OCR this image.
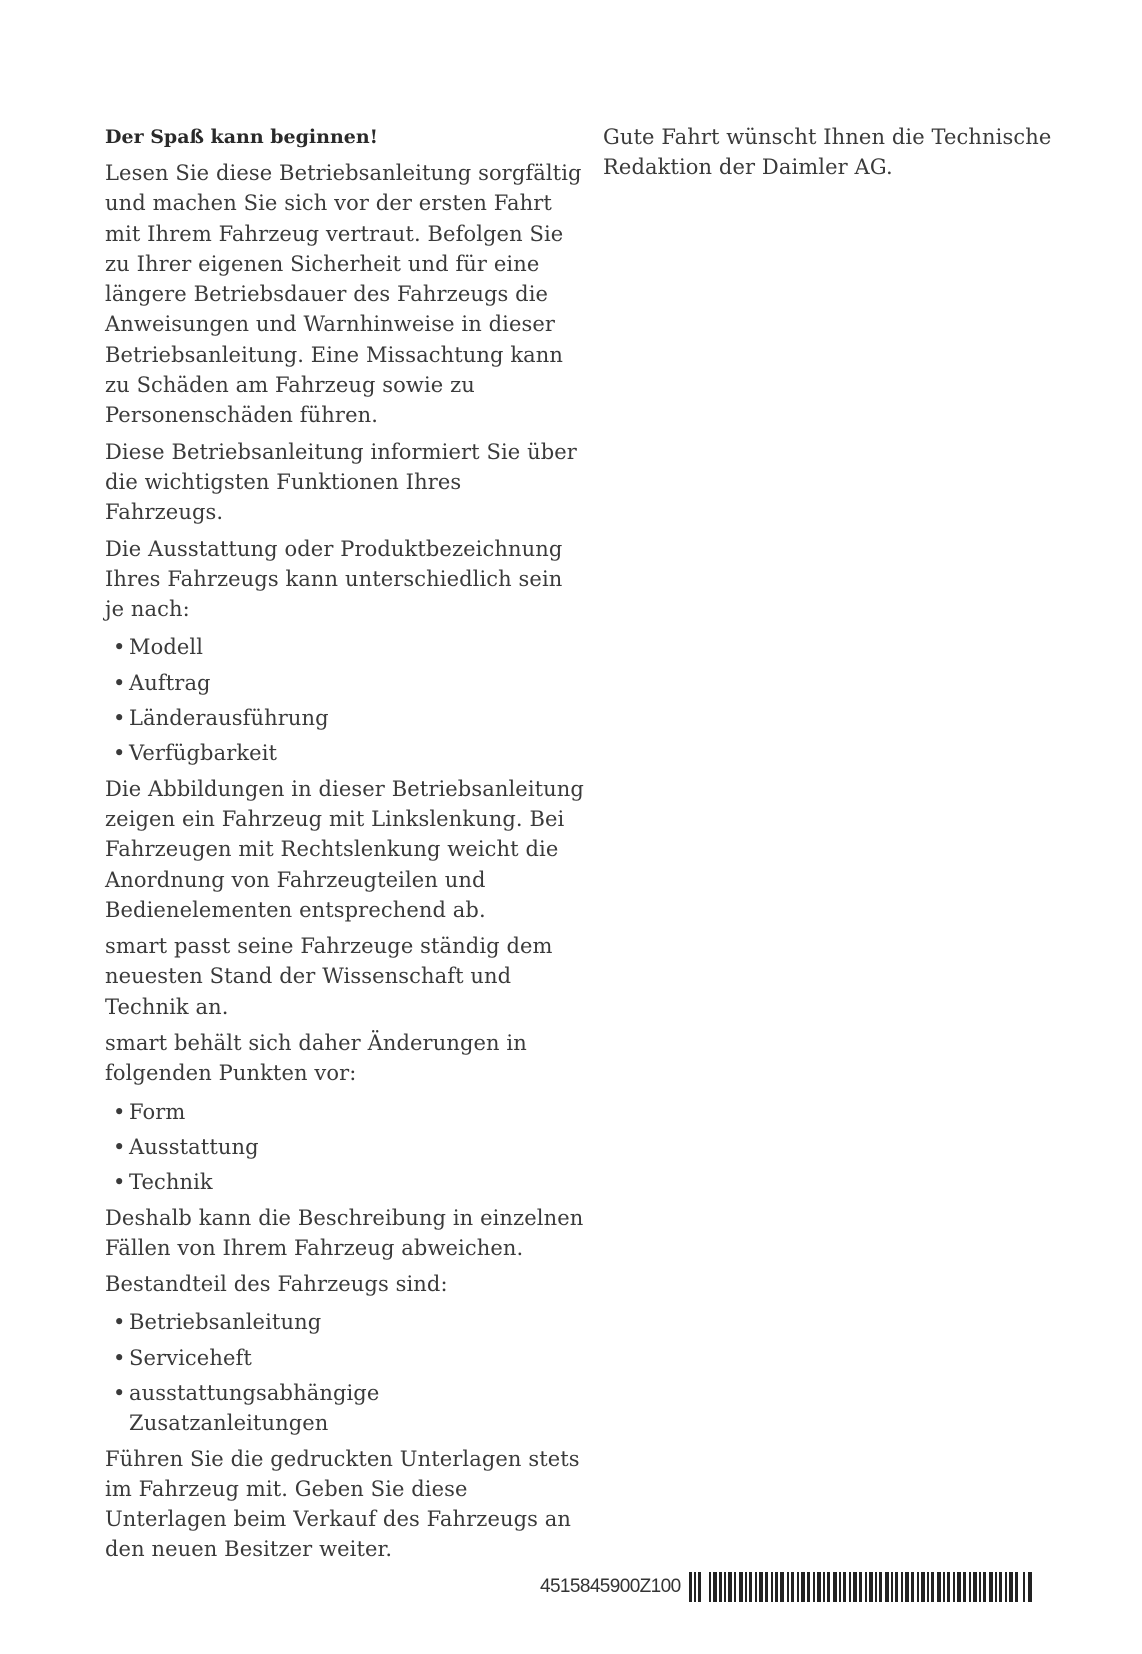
Der Spaß kann beginnen!

Lesen Sie diese Betriebsanleitung sorgfältig und machen Sie sich vor der ersten Fahrt mit Ihrem Fahrzeug vertraut. Befolgen Sie zu Ihrer eigenen Sicherheit und für eine längere Betriebsdauer des Fahrzeugs die Anweisungen und Warnhinweise in dieser Betriebsanleitung. Eine Missachtung kann zu Schäden am Fahrzeug sowie zu Personenschäden führen.

Diese Betriebsanleitung informiert Sie über die wichtigsten Funktionen Ihres Fahrzeugs.

Die Ausstattung oder Produktbezeichnung Ihres Fahrzeugs kann unterschiedlich sein je nach:

• Modell
• Auftrag
• Länderausführung
• Verfügbarkeit

Die Abbildungen in dieser Betriebsanleitung zeigen ein Fahrzeug mit Linkslenkung. Bei Fahrzeugen mit Rechtslenkung weicht die Anordnung von Fahrzeugteilen und Bedienelementen entsprechend ab.

smart passt seine Fahrzeuge ständig dem neuesten Stand der Wissenschaft und Technik an.

smart behält sich daher Änderungen in folgenden Punkten vor:

• Form
• Ausstattung
• Technik

Deshalb kann die Beschreibung in einzelnen Fällen von Ihrem Fahrzeug abweichen.

Bestandteil des Fahrzeugs sind:

• Betriebsanleitung
• Serviceheft
• ausstattungsabhängige Zusatzanleitungen

Führen Sie die gedruckten Unterlagen stets im Fahrzeug mit. Geben Sie diese Unterlagen beim Verkauf des Fahrzeugs an den neuen Besitzer weiter.

Gute Fahrt wünscht Ihnen die Technische
Redaktion der Daimler AG.

4515845900Z100
